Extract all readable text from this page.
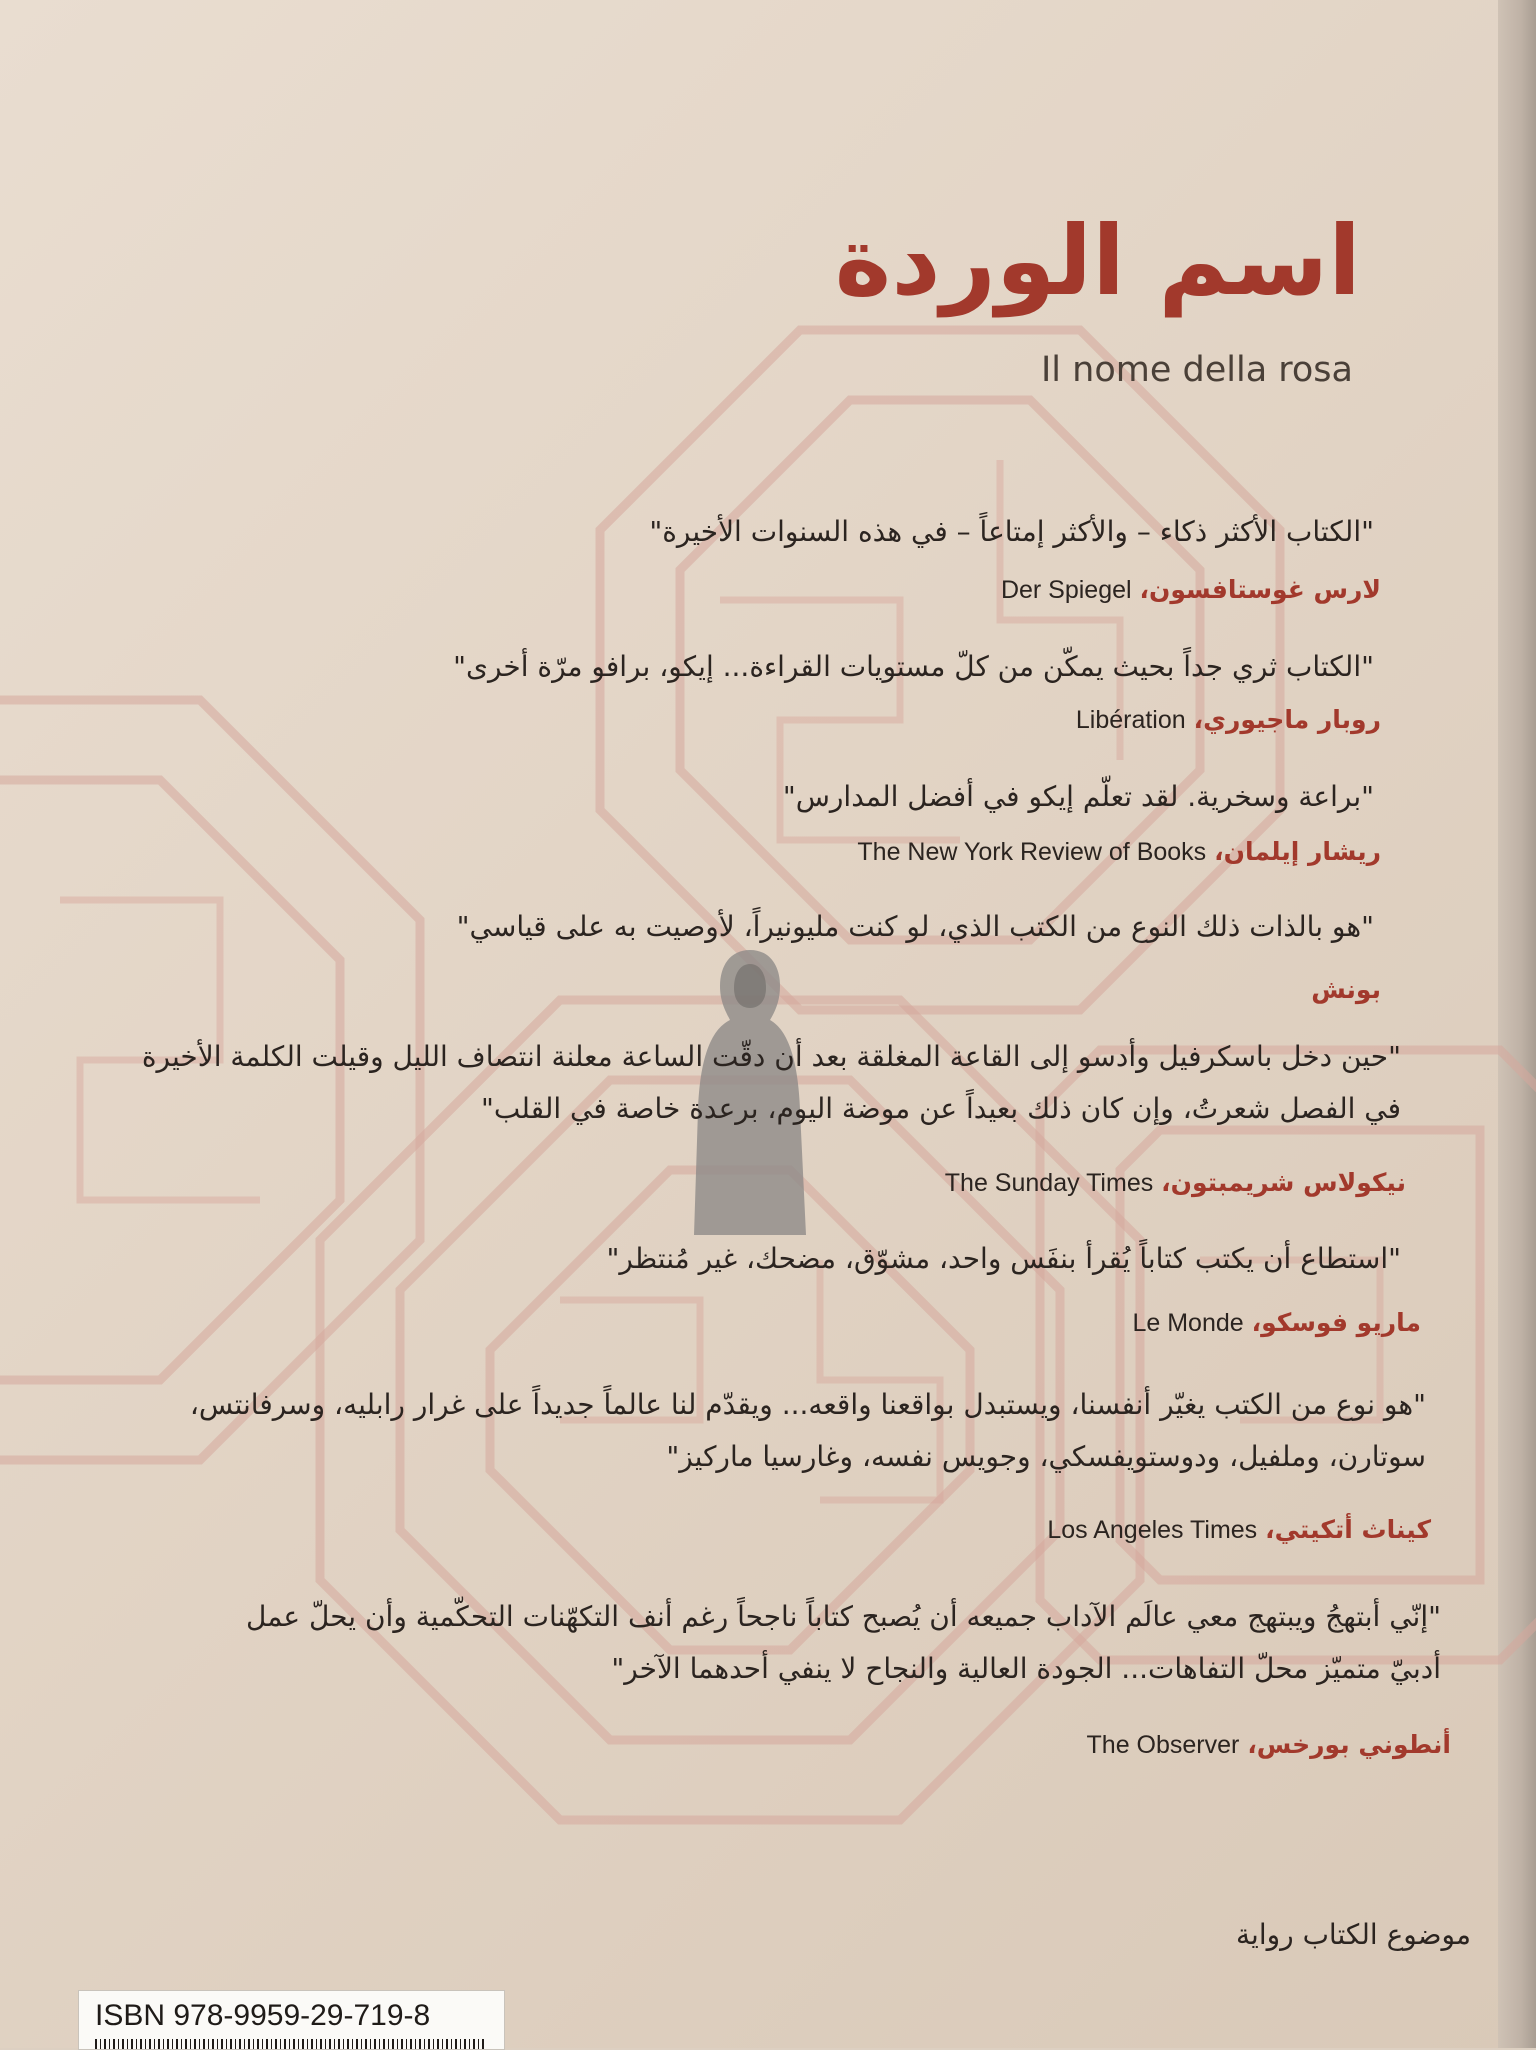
اسم الوردة
Il nome della rosa
"الكتاب الأكثر ذكاء – والأكثر إمتاعاً – في هذه السنوات الأخيرة"
لارس غوستافسون، Der Spiegel
"الكتاب ثري جداً بحيث يمكّن من كلّ مستويات القراءة... إيكو، برافو مرّة أخرى"
روبار ماجيوري، Libération
"براعة وسخرية. لقد تعلّم إيكو في أفضل المدارس"
ريشار إيلمان، The New York Review of Books
"هو بالذات ذلك النوع من الكتب الذي، لو كنت مليونيراً، لأوصيت به على قياسي"
بونش
"حين دخل باسكرفيل وأدسو إلى القاعة المغلقة بعد أن دقّت الساعة معلنة انتصاف الليل وقيلت الكلمة الأخيرة
في الفصل شعرتُ، وإن كان ذلك بعيداً عن موضة اليوم، برعدة خاصة في القلب"
نيكولاس شريمبتون، The Sunday Times
"استطاع أن يكتب كتاباً يُقرأ بنفَس واحد، مشوّق، مضحك، غير مُنتظر"
ماريو فوسكو، Le Monde
"هو نوع من الكتب يغيّر أنفسنا، ويستبدل بواقعنا واقعه... ويقدّم لنا عالماً جديداً على غرار رابليه، وسرفانتس،
سوتارن، وملفيل، ودوستويفسكي، وجويس نفسه، وغارسيا ماركيز"
كيناث أتكيتي، Los Angeles Times
"إنّي أبتهجُ ويبتهج معي عالَم الآداب جميعه أن يُصبح كتاباً ناجحاً رغم أنف التكهّنات التحكّمية وأن يحلّ عمل
أدبيّ متميّز محلّ التفاهات... الجودة العالية والنجاح لا ينفي أحدهما الآخر"
أنطوني بورخس، The Observer
موضوع الكتاب رواية
ISBN 978-9959-29-719-8
